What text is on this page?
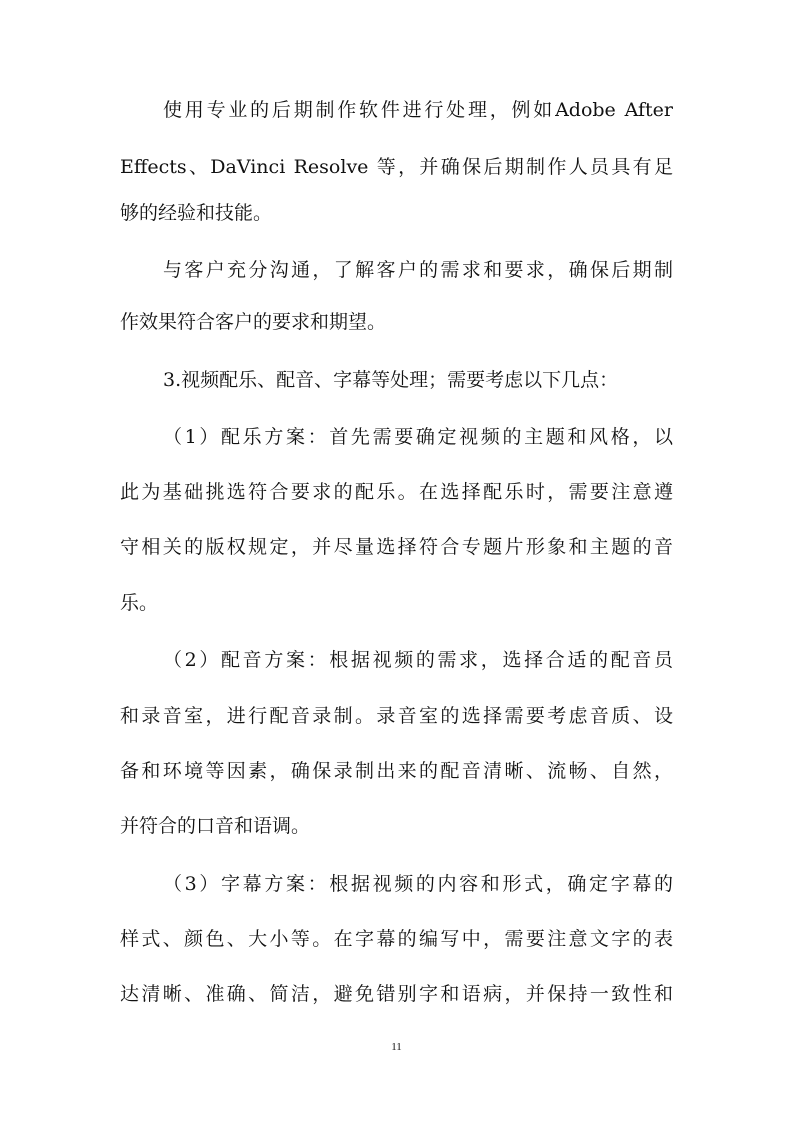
使用专业的后期制作软件进行处理，例如Adobe After
Effects、DaVinci Resolve 等，并确保后期制作人员具有足
够的经验和技能。
与客户充分沟通，了解客户的需求和要求，确保后期制
作效果符合客户的要求和期望。
3.视频配乐、配音、字幕等处理；需要考虑以下几点：
（1）配乐方案：首先需要确定视频的主题和风格，以
此为基础挑选符合要求的配乐。在选择配乐时，需要注意遵
守相关的版权规定，并尽量选择符合专题片形象和主题的音
乐。
（2）配音方案：根据视频的需求，选择合适的配音员
和录音室，进行配音录制。录音室的选择需要考虑音质、设
备和环境等因素，确保录制出来的配音清晰、流畅、自然，
并符合的口音和语调。
（3）字幕方案：根据视频的内容和形式，确定字幕的
样式、颜色、大小等。在字幕的编写中，需要注意文字的表
达清晰、准确、简洁，避免错别字和语病，并保持一致性和
11
